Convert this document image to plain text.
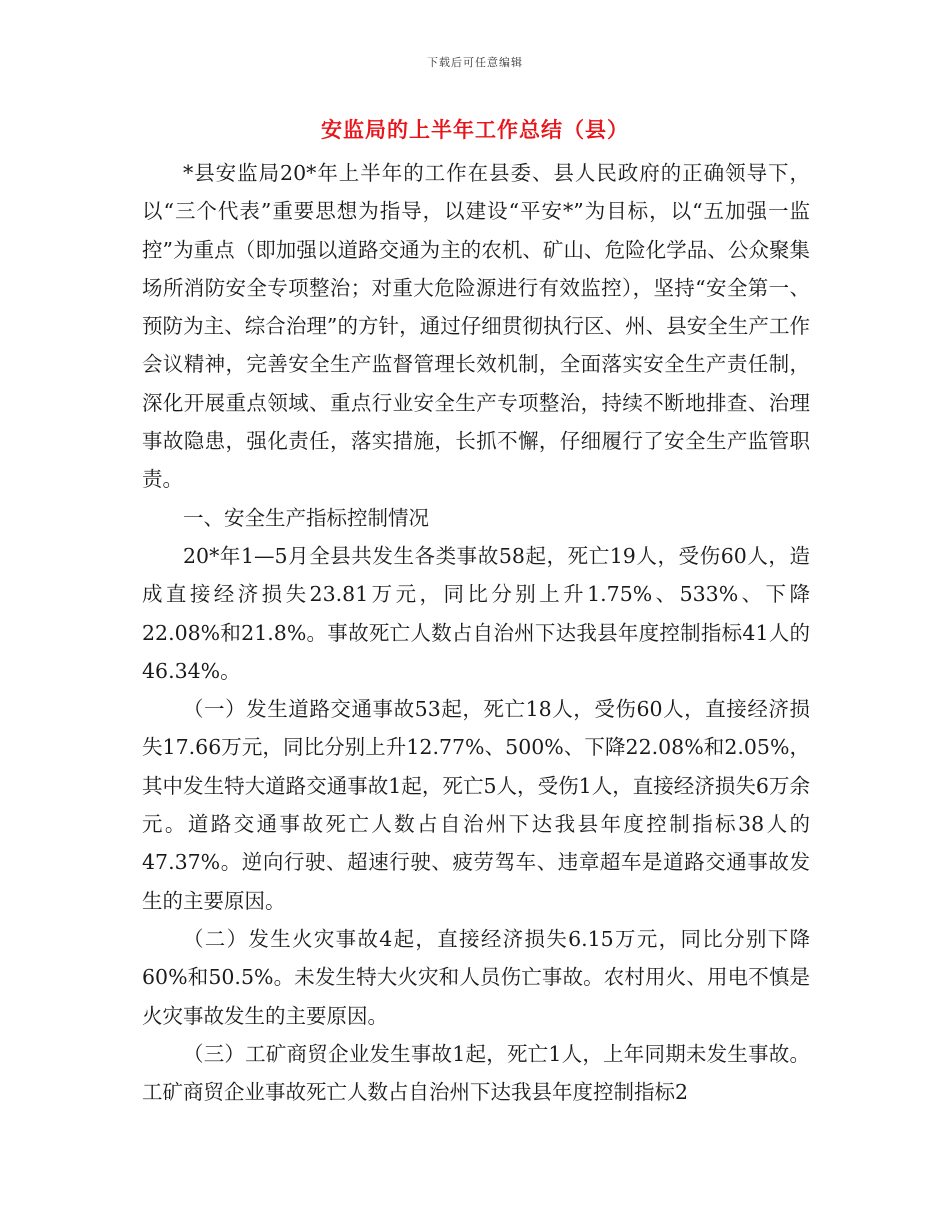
下载后可任意编辑
安监局的上半年工作总结（县）

*县安监局20*年上半年的工作在县委、县人民政府的正确领导下，以“三个代表”重要思想为指导，以建设“平安*”为目标，以“五加强一监控”为重点（即加强以道路交通为主的农机、矿山、危险化学品、公众聚集场所消防安全专项整治；对重大危险源进行有效监控），坚持“安全第一、预防为主、综合治理”的方针，通过仔细贯彻执行区、州、县安全生产工作会议精神，完善安全生产监督管理长效机制，全面落实安全生产责任制，深化开展重点领域、重点行业安全生产专项整治，持续不断地排查、治理事故隐患，强化责任，落实措施，长抓不懈，仔细履行了安全生产监管职责。

一、安全生产指标控制情况

20*年1—5月全县共发生各类事故58起，死亡19人，受伤60人，造成直接经济损失23.81万元，同比分别上升1.75%、533%、下降22.08%和21.8%。事故死亡人数占自治州下达我县年度控制指标41人的46.34%。

（一）发生道路交通事故53起，死亡18人，受伤60人，直接经济损失17.66万元，同比分别上升12.77%、500%、下降22.08%和2.05%，其中发生特大道路交通事故1起，死亡5人，受伤1人，直接经济损失6万余元。道路交通事故死亡人数占自治州下达我县年度控制指标38人的47.37%。逆向行驶、超速行驶、疲劳驾车、违章超车是道路交通事故发生的主要原因。

（二）发生火灾事故4起，直接经济损失6.15万元，同比分别下降60%和50.5%。未发生特大火灾和人员伤亡事故。农村用火、用电不慎是火灾事故发生的主要原因。

（三）工矿商贸企业发生事故1起，死亡1人，上年同期未发生事故。工矿商贸企业事故死亡人数占自治州下达我县年度控制指标2
